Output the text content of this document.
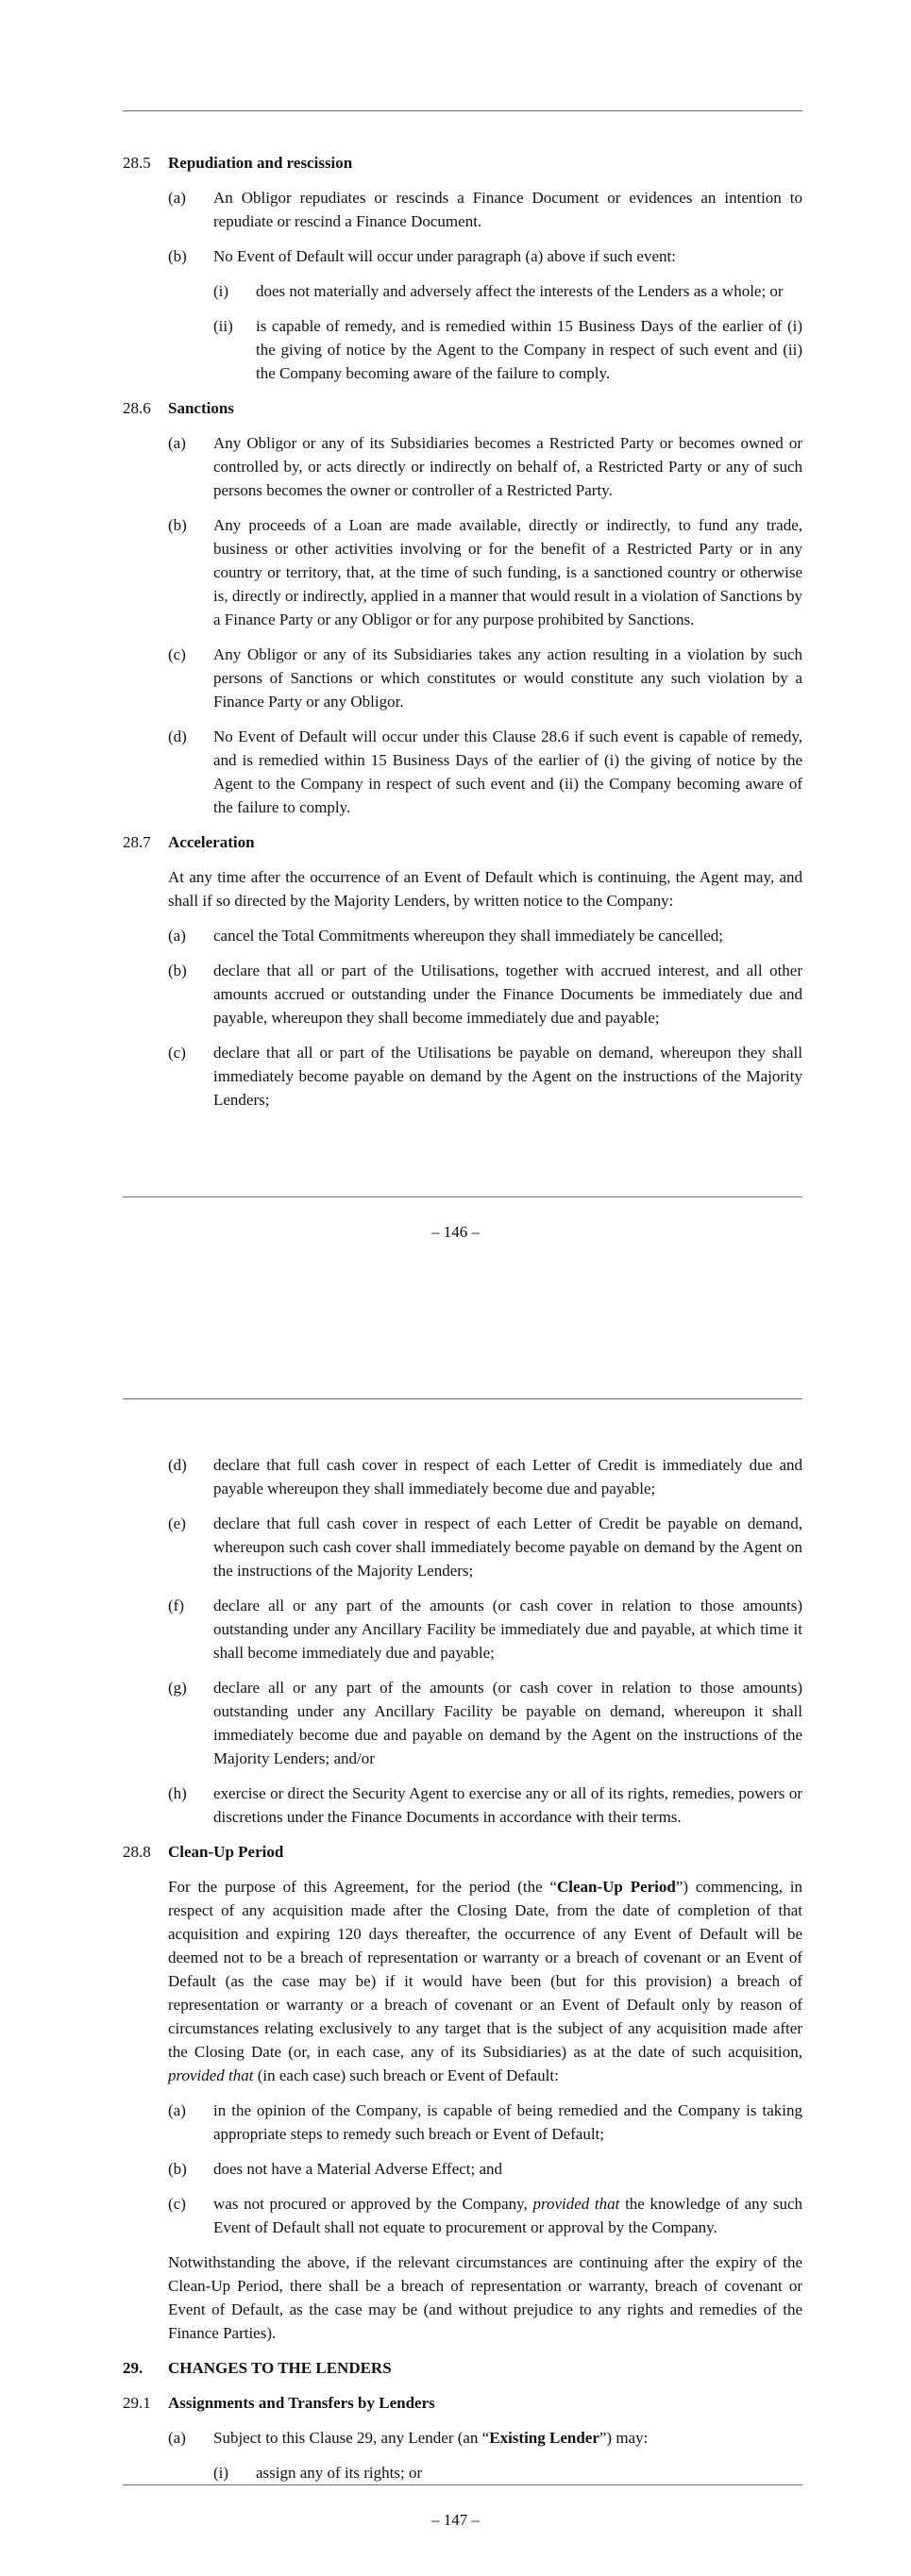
28.5	Repudiation and rescission
(a)	An Obligor repudiates or rescinds a Finance Document or evidences an intention to repudiate or rescind a Finance Document.
(b)	No Event of Default will occur under paragraph (a) above if such event:
(i)	does not materially and adversely affect the interests of the Lenders as a whole; or
(ii)	is capable of remedy, and is remedied within 15 Business Days of the earlier of (i) the giving of notice by the Agent to the Company in respect of such event and (ii) the Company becoming aware of the failure to comply.
28.6	Sanctions
(a)	Any Obligor or any of its Subsidiaries becomes a Restricted Party or becomes owned or controlled by, or acts directly or indirectly on behalf of, a Restricted Party or any of such persons becomes the owner or controller of a Restricted Party.
(b)	Any proceeds of a Loan are made available, directly or indirectly, to fund any trade, business or other activities involving or for the benefit of a Restricted Party or in any country or territory, that, at the time of such funding, is a sanctioned country or otherwise is, directly or indirectly, applied in a manner that would result in a violation of Sanctions by a Finance Party or any Obligor or for any purpose prohibited by Sanctions.
(c)	Any Obligor or any of its Subsidiaries takes any action resulting in a violation by such persons of Sanctions or which constitutes or would constitute any such violation by a Finance Party or any Obligor.
(d)	No Event of Default will occur under this Clause 28.6 if such event is capable of remedy, and is remedied within 15 Business Days of the earlier of (i) the giving of notice by the Agent to the Company in respect of such event and (ii) the Company becoming aware of the failure to comply.
28.7	Acceleration

At any time after the occurrence of an Event of Default which is continuing, the Agent may, and shall if so directed by the Majority Lenders, by written notice to the Company:

(a)	cancel the Total Commitments whereupon they shall immediately be cancelled;
(b)	declare that all or part of the Utilisations, together with accrued interest, and all other amounts accrued or outstanding under the Finance Documents be immediately due and payable, whereupon they shall become immediately due and payable;
(c)	declare that all or part of the Utilisations be payable on demand, whereupon they shall immediately become payable on demand by the Agent on the instructions of the Majority Lenders;
– 146 –
(d)	declare that full cash cover in respect of each Letter of Credit is immediately due and payable whereupon they shall immediately become due and payable;
(e)	declare that full cash cover in respect of each Letter of Credit be payable on demand, whereupon such cash cover shall immediately become payable on demand by the Agent on the instructions of the Majority Lenders;
(f)	declare all or any part of the amounts (or cash cover in relation to those amounts) outstanding under any Ancillary Facility be immediately due and payable, at which time it shall become immediately due and payable;
(g)	declare all or any part of the amounts (or cash cover in relation to those amounts) outstanding under any Ancillary Facility be payable on demand, whereupon it shall immediately become due and payable on demand by the Agent on the instructions of the Majority Lenders; and/or
(h)	exercise or direct the Security Agent to exercise any or all of its rights, remedies, powers or discretions under the Finance Documents in accordance with their terms.
28.8	Clean-Up Period

For the purpose of this Agreement, for the period (the “Clean-Up Period”) commencing, in respect of any acquisition made after the Closing Date, from the date of completion of that acquisition and expiring 120 days thereafter, the occurrence of any Event of Default will be deemed not to be a breach of representation or warranty or a breach of covenant or an Event of Default (as the case may be) if it would have been (but for this provision) a breach of representation or warranty or a breach of covenant or an Event of Default only by reason of circumstances relating exclusively to any target that is the subject of any acquisition made after the Closing Date (or, in each case, any of its Subsidiaries) as at the date of such acquisition, provided that (in each case) such breach or Event of Default:

(a)	in the opinion of the Company, is capable of being remedied and the Company is taking appropriate steps to remedy such breach or Event of Default;
(b)	does not have a Material Adverse Effect; and
(c)	was not procured or approved by the Company, provided that the knowledge of any such Event of Default shall not equate to procurement or approval by the Company.

Notwithstanding the above, if the relevant circumstances are continuing after the expiry of the Clean-Up Period, there shall be a breach of representation or warranty, breach of covenant or Event of Default, as the case may be (and without prejudice to any rights and remedies of the Finance Parties).

29.	CHANGES TO THE LENDERS
29.1	Assignments and Transfers by Lenders
(a)	Subject to this Clause 29, any Lender (an “Existing Lender”) may:
(i)	assign any of its rights; or
– 147 –
